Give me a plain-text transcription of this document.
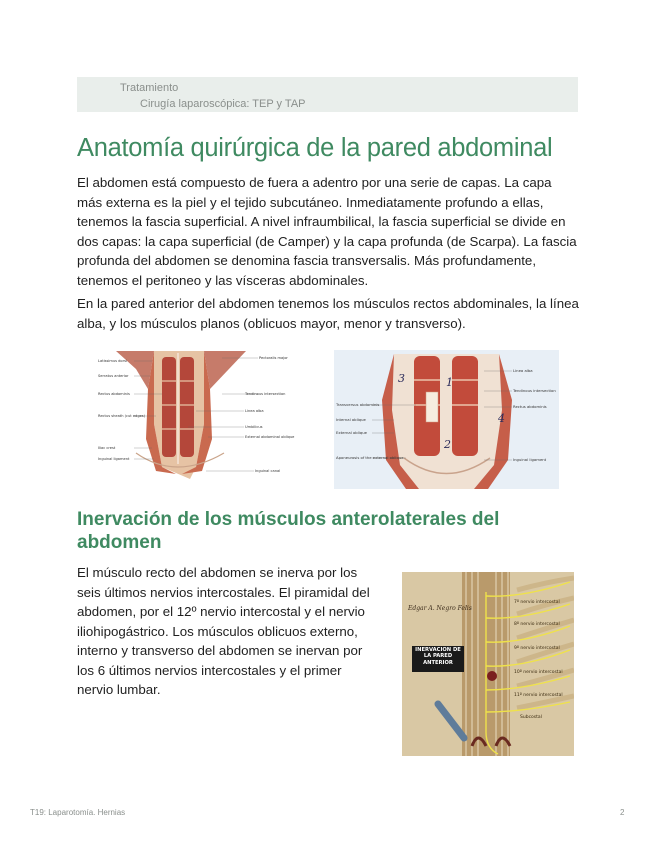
Tratamiento
Cirugía laparoscópica: TEP y TAP
Anatomía quirúrgica de la pared abdominal

El abdomen está compuesto de fuera a adentro por una serie de capas. La capa más externa es la piel y el tejido subcutáneo. Inmediatamente profundo a ellas, tenemos la fascia superficial. A nivel infraumbilical, la fascia superficial se divide en dos capas: la capa superficial (de Camper) y la capa profunda (de Scarpa). La fascia profunda del abdomen se denomina fascia transversalis. Más profundamente, tenemos el peritoneo y las vísceras abdominales.

En la pared anterior del abdomen tenemos los músculos rectos abdominales, la línea alba, y los músculos planos (oblicuos mayor, menor y transverso).

Latissimus dorsi
Serratus anterior
Rectus abdominis
Rectus sheath (cut edges)
Iliac crest
Inguinal ligament
Pectoralis major
Tendinous intersection
Linea alba
Umbilicus
External abdominal oblique
Inguinal canal
3	1
2
4
Transversus abdominis
Internal oblique
External oblique
Aponeurosis of the external oblique
Linea alba
Tendinous intersection
Rectus abdominis
Inguinal ligament
Inervación de los músculos anterolaterales del abdomen

El músculo recto del abdomen se inerva por los seis últimos nervios intercostales. El piramidal del abdomen, por el 12º nervio intercostal y el nervio iliohipogástrico. Los músculos oblicuos externo, interno y transverso del abdomen se inervan por los 6 últimos nervios intercostales y el primer nervio lumbar.

Edgar A. Negro Felis
INERVACION DE LA PARED ANTERIOR
7º nervio intercostal
8º nervio intercostal
9º nervio intercostal
10º nervio intercostal
11º nervio intercostal
Subcostal
T19: Laparotomía. Hernias	2
